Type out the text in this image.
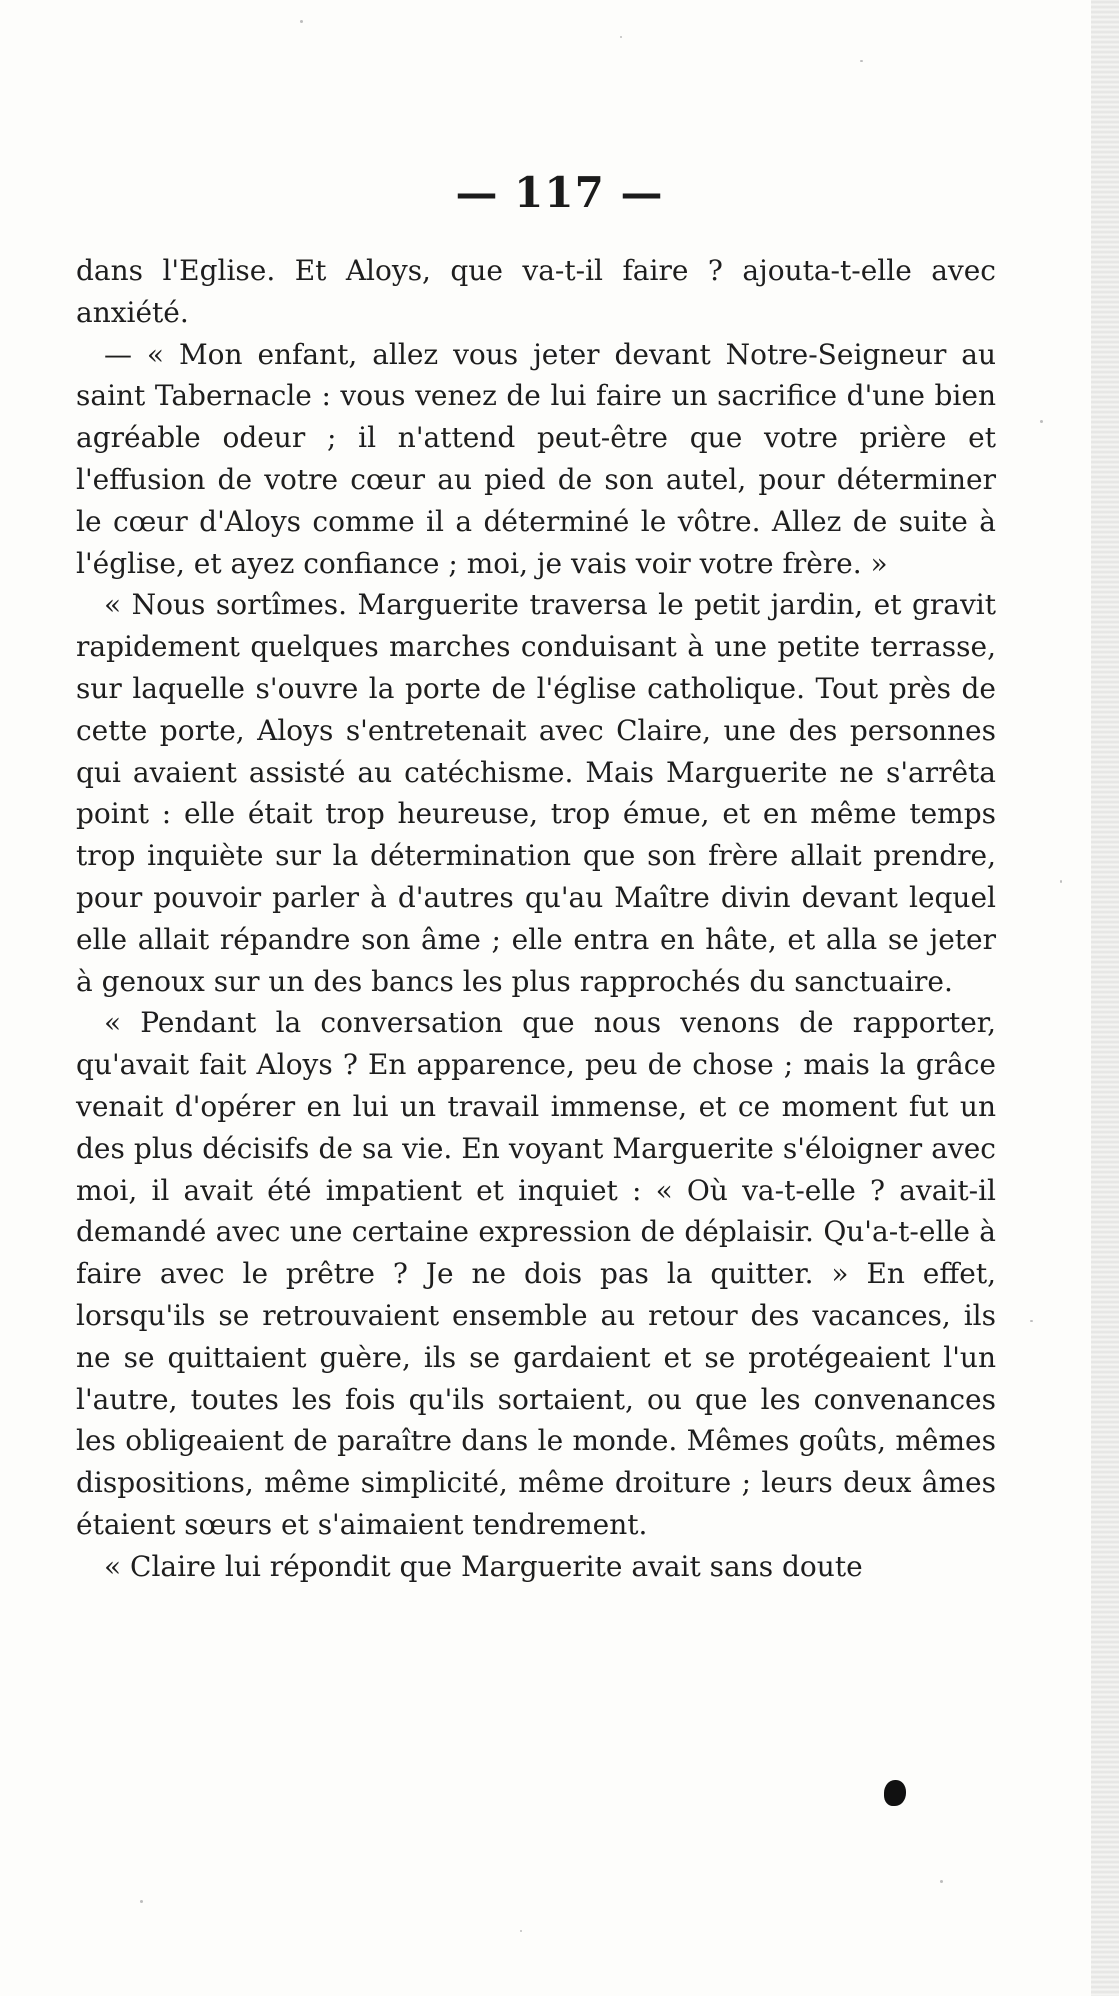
— 117 —

dans l'Eglise. Et Aloys, que va-t-il faire ? ajouta-t-elle avec anxiété.

— « Mon enfant, allez vous jeter devant Notre-Seigneur au saint Tabernacle : vous venez de lui faire un sacrifice d'une bien agréable odeur ; il n'attend peut-être que votre prière et l'effusion de votre cœur au pied de son autel, pour déterminer le cœur d'Aloys comme il a déterminé le vôtre. Allez de suite à l'église, et ayez confiance ; moi, je vais voir votre frère. »

« Nous sortîmes. Marguerite traversa le petit jardin, et gravit rapidement quelques marches conduisant à une petite terrasse, sur laquelle s'ouvre la porte de l'église catholique. Tout près de cette porte, Aloys s'entretenait avec Claire, une des personnes qui avaient assisté au catéchisme. Mais Marguerite ne s'arrêta point : elle était trop heureuse, trop émue, et en même temps trop inquiète sur la détermination que son frère allait prendre, pour pouvoir parler à d'autres qu'au Maître divin devant lequel elle allait répandre son âme ; elle entra en hâte, et alla se jeter à genoux sur un des bancs les plus rapprochés du sanctuaire.

« Pendant la conversation que nous venons de rapporter, qu'avait fait Aloys ? En apparence, peu de chose ; mais la grâce venait d'opérer en lui un travail immense, et ce moment fut un des plus décisifs de sa vie. En voyant Marguerite s'éloigner avec moi, il avait été impatient et inquiet : « Où va-t-elle ? avait-il demandé avec une certaine expression de déplaisir. Qu'a-t-elle à faire avec le prêtre ? Je ne dois pas la quitter. » En effet, lorsqu'ils se retrouvaient ensemble au retour des vacances, ils ne se quittaient guère, ils se gardaient et se protégeaient l'un l'autre, toutes les fois qu'ils sortaient, ou que les convenances les obligeaient de paraître dans le monde. Mêmes goûts, mêmes dispositions, même simplicité, même droiture ; leurs deux âmes étaient sœurs et s'aimaient tendrement.

« Claire lui répondit que Marguerite avait sans doute
